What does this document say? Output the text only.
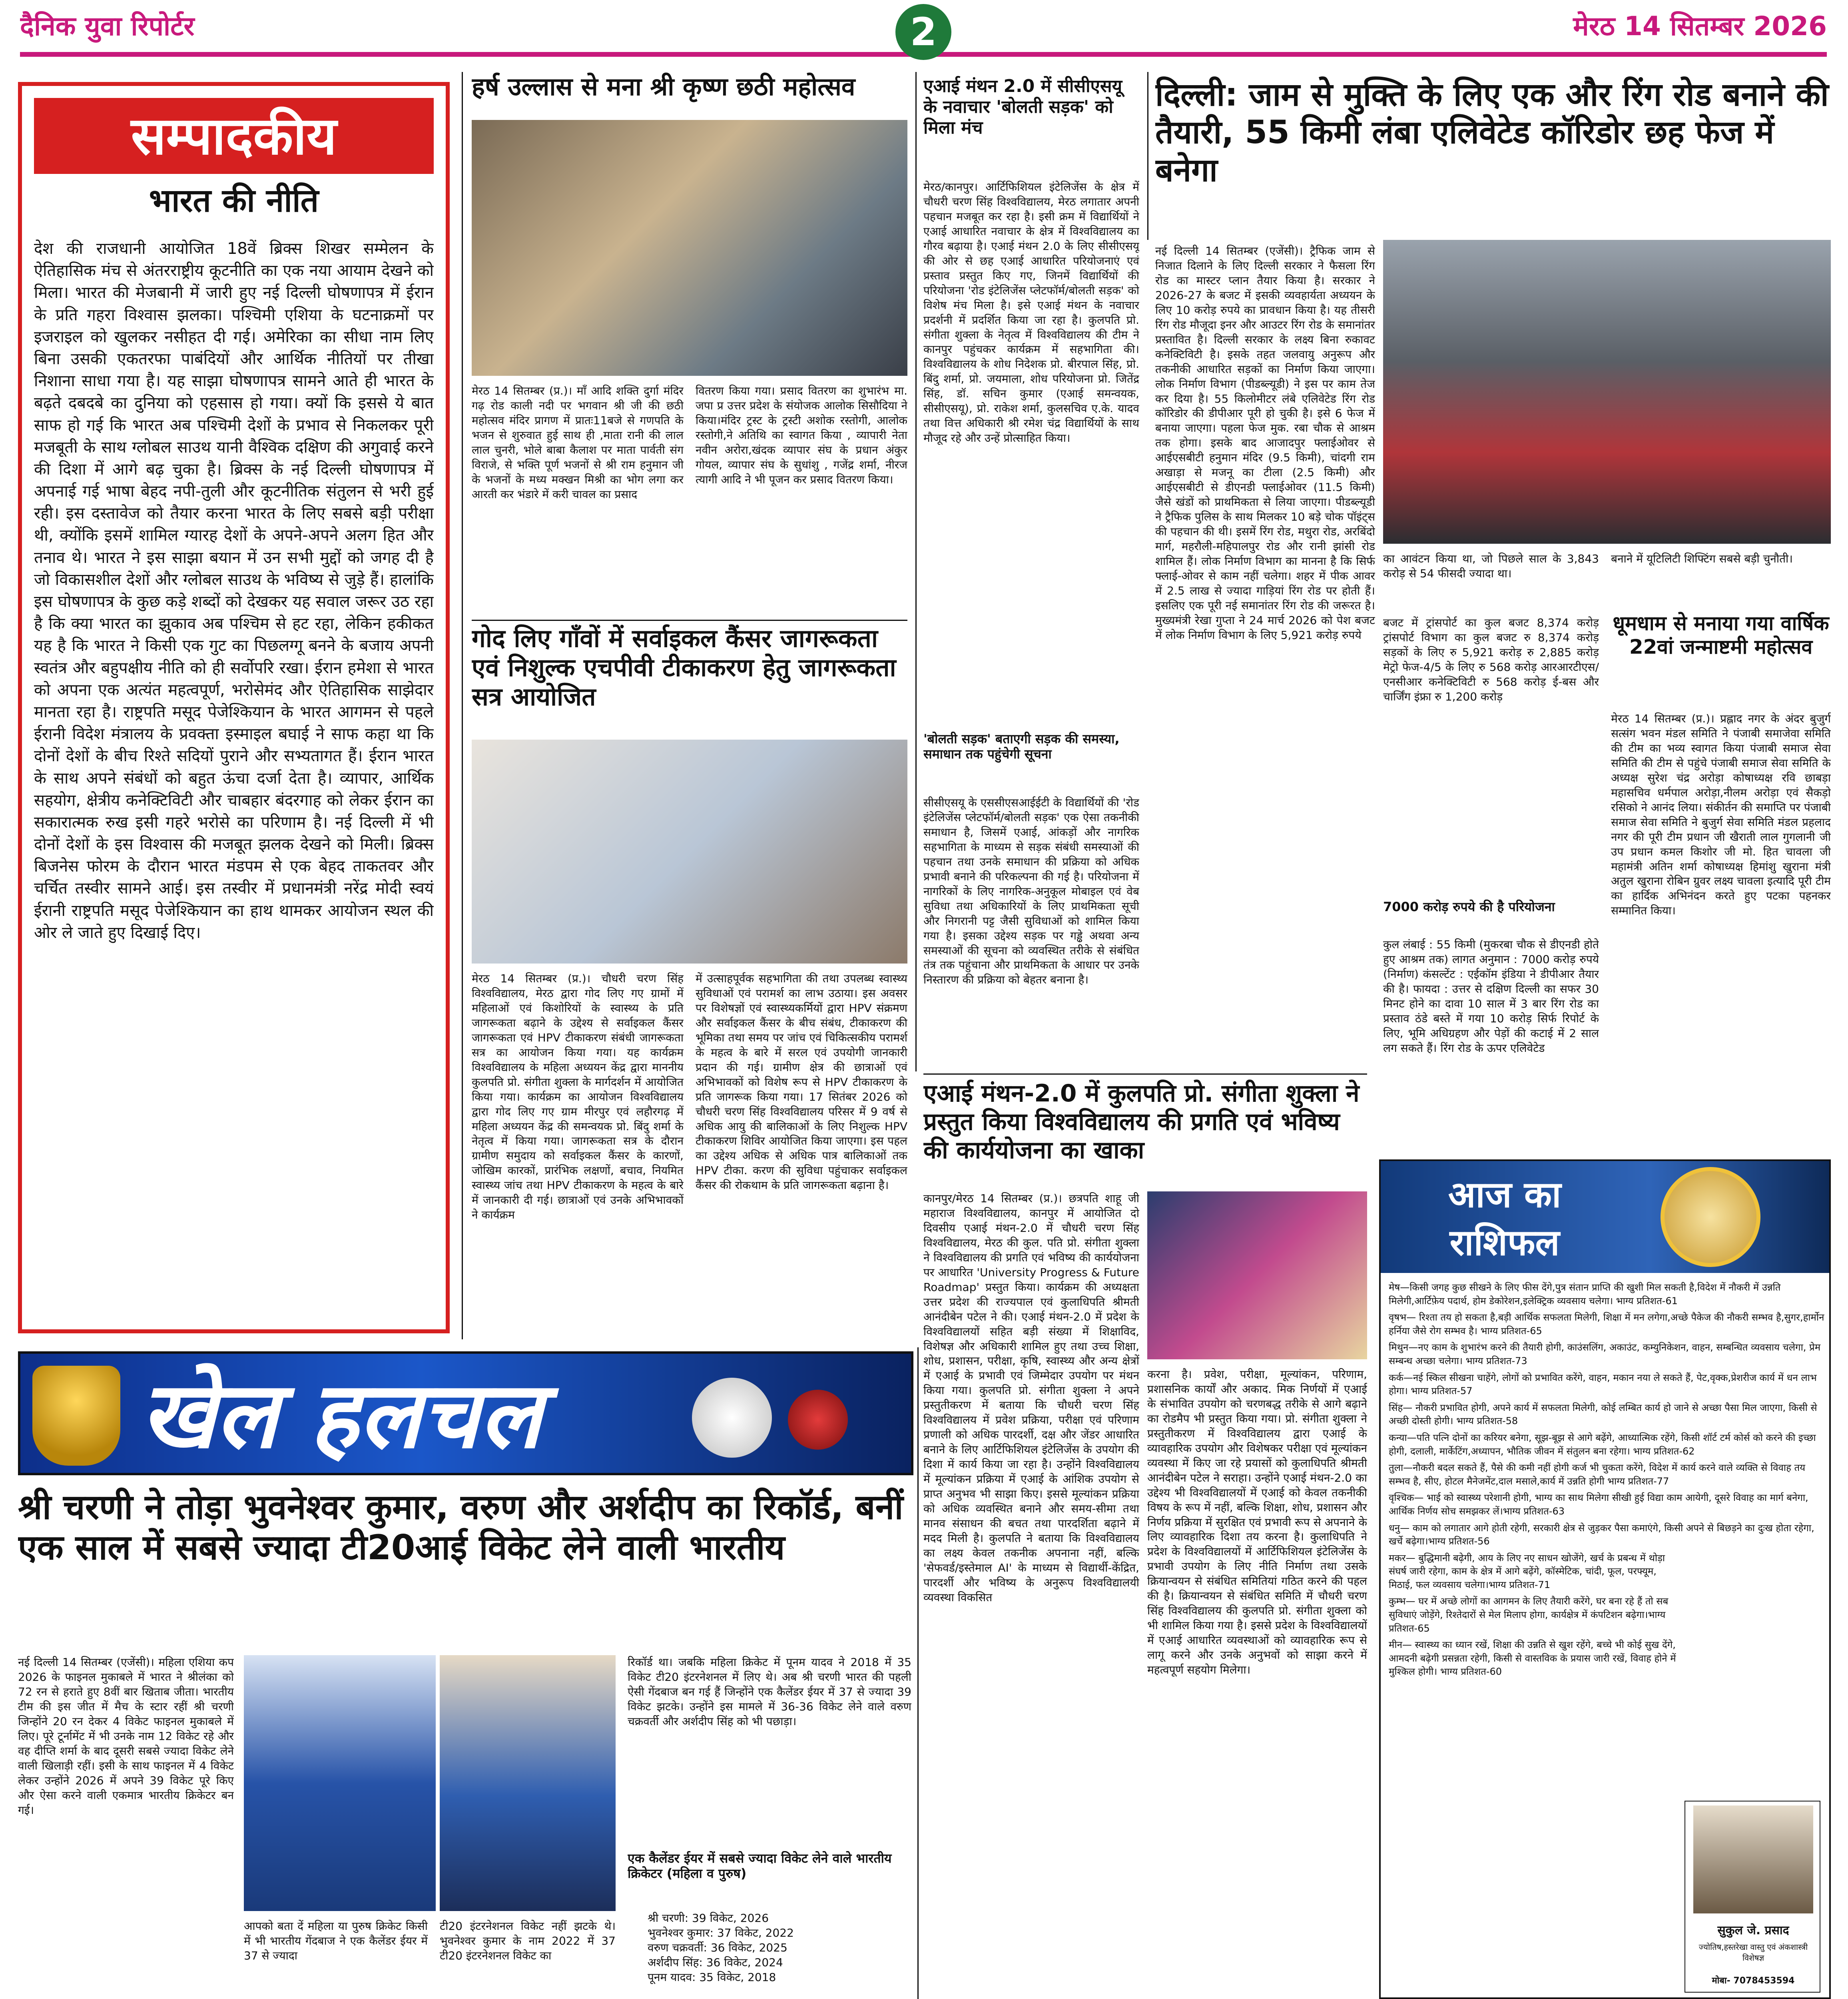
दैनिक युवा रिपोर्टर	2	मेरठ 14 सितम्बर 2026
सम्पादकीय
भारत की नीति
देश की राजधानी आयोजित 18वें ब्रिक्स शिखर सम्मेलन के ऐतिहासिक मंच से अंतरराष्ट्रीय कूटनीति का एक नया आयाम देखने को मिला। भारत की मेजबानी में जारी हुए नई दिल्ली घोषणापत्र में ईरान के प्रति गहरा विश्वास झलका। पश्चिमी एशिया के घटनाक्रमों पर इजराइल को खुलकर नसीहत दी गई। अमेरिका का सीधा नाम लिए बिना उसकी एकतरफा पाबंदियों और आर्थिक नीतियों पर तीखा निशाना साधा गया है। यह साझा घोषणापत्र सामने आते ही भारत के बढ़ते दबदबे का दुनिया को एहसास हो गया। क्यों कि इससे ये बात साफ हो गई कि भारत अब पश्चिमी देशों के प्रभाव से निकलकर पूरी मजबूती के साथ ग्लोबल साउथ यानी वैश्विक दक्षिण की अगुवाई करने की दिशा में आगे बढ़ चुका है। ब्रिक्स के नई दिल्ली घोषणापत्र में अपनाई गई भाषा बेहद नपी-तुली और कूटनीतिक संतुलन से भरी हुई रही। इस दस्तावेज को तैयार करना भारत के लिए सबसे बड़ी परीक्षा थी, क्योंकि इसमें शामिल ग्यारह देशों के अपने-अपने अलग हित और तनाव थे। भारत ने इस साझा बयान में उन सभी मुद्दों को जगह दी है जो विकासशील देशों और ग्लोबल साउथ के भविष्य से जुड़े हैं। हालांकि इस घोषणापत्र के कुछ कड़े शब्दों को देखकर यह सवाल जरूर उठ रहा है कि क्या भारत का झुकाव अब पश्चिम से हट रहा, लेकिन हकीकत यह है कि भारत ने किसी एक गुट का पिछलग्गू बनने के बजाय अपनी स्वतंत्र और बहुपक्षीय नीति को ही सर्वोपरि रखा। ईरान हमेशा से भारत को अपना एक अत्यंत महत्वपूर्ण, भरोसेमंद और ऐतिहासिक साझेदार मानता रहा है। राष्ट्रपति मसूद पेजेश्कियान के भारत आगमन से पहले ईरानी विदेश मंत्रालय के प्रवक्ता इस्माइल बघाई ने साफ कहा था कि दोनों देशों के बीच रिश्ते सदियों पुराने और सभ्यतागत हैं। ईरान भारत के साथ अपने संबंधों को बहुत ऊंचा दर्जा देता है। व्यापार, आर्थिक सहयोग, क्षेत्रीय कनेक्टिविटी और चाबहार बंदरगाह को लेकर ईरान का सकारात्मक रुख इसी गहरे भरोसे का परिणाम है। नई दिल्ली में भी दोनों देशों के इस विश्वास की मजबूत झलक देखने को मिली। ब्रिक्स बिजनेस फोरम के दौरान भारत मंडपम से एक बेहद ताकतवर और चर्चित तस्वीर सामने आई। इस तस्वीर में प्रधानमंत्री नरेंद्र मोदी स्वयं ईरानी राष्ट्रपति मसूद पेजेश्कियान का हाथ थामकर आयोजन स्थल की ओर ले जाते हुए दिखाई दिए।
हर्ष उल्लास से मना श्री कृष्ण छठी महोत्सव
मेरठ 14 सितम्बर (प्र.)। माँ आदि शक्ति दुर्गा मंदिर गढ़ रोड काली नदी पर भगवान श्री जी की छठी महोत्सव मंदिर प्रागण में प्रातः11बजे से गणपति के भजन से शुरुवात हुई साथ ही ,माता रानी की लाल लाल चुनरी, भोले बाबा कैलाश पर माता पार्वती संग विराजे, से भक्ति पूर्ण भजनों से श्री राम हनुमान जी के भजनों के मध्य मक्खन मिश्री का भोग लगा कर आरती कर भंडारे में करी चावल का प्रसाद
वितरण किया गया। प्रसाद वितरण का शुभारंभ मा. जपा प्र उत्तर प्रदेश के संयोजक आलोक सिसौदिया ने किया।मंदिर ट्रस्ट के ट्रस्टी अशोक रस्तोगी, आलोक रस्तोगी,ने अतिथि का स्वागत किया , व्यापारी नेता नवीन अरोरा,खंदक व्यापार संघ के प्रधान अंकुर गोयल, व्यापार संघ के सुधांशु , गजेंद्र शर्मा, नीरज त्यागी आदि ने भी पूजन कर प्रसाद वितरण किया।
गोद लिए गाँवों में सर्वाइकल कैंसर जागरूकता एवं निशुल्क एचपीवी टीकाकरण हेतु जागरूकता सत्र आयोजित
मेरठ 14 सितम्बर (प्र.)। चौधरी चरण सिंह विश्वविद्यालय, मेरठ द्वारा गोद लिए गए ग्रामों में महिलाओं एवं किशोरियों के स्वास्थ्य के प्रति जागरूकता बढ़ाने के उद्देश्य से सर्वाइकल कैंसर जागरूकता एवं HPV टीकाकरण संबंधी जागरूकता सत्र का आयोजन किया गया। यह कार्यक्रम विश्वविद्यालय के महिला अध्ययन केंद्र द्वारा माननीय कुलपति प्रो. संगीता शुक्ला के मार्गदर्शन में आयोजित किया गया। कार्यक्रम का आयोजन विश्वविद्यालय द्वारा गोद लिए गए ग्राम मीरपुर एवं लहौरगढ़ में महिला अध्ययन केंद्र की समन्वयक प्रो. बिंदु शर्मा के नेतृत्व में किया गया। जागरूकता सत्र के दौरान ग्रामीण समुदाय को सर्वाइकल कैंसर के कारणों, जोखिम कारकों, प्रारंभिक लक्षणों, बचाव, नियमित स्वास्थ्य जांच तथा HPV टीकाकरण के महत्व के बारे में जानकारी दी गई। छात्राओं एवं उनके अभिभावकों ने कार्यक्रम
में उत्साहपूर्वक सहभागिता की तथा उपलब्ध स्वास्थ्य सुविधाओं एवं परामर्श का लाभ उठाया। इस अवसर पर विशेषज्ञों एवं स्वास्थ्यकर्मियों द्वारा HPV संक्रमण और सर्वाइकल कैंसर के बीच संबंध, टीकाकरण की भूमिका तथा समय पर जांच एवं चिकित्सकीय परामर्श के महत्व के बारे में सरल एवं उपयोगी जानकारी प्रदान की गई। ग्रामीण क्षेत्र की छात्राओं एवं अभिभावकों को विशेष रूप से HPV टीकाकरण के प्रति जागरूक किया गया। 17 सितंबर 2026 को चौधरी चरण सिंह विश्वविद्यालय परिसर में 9 वर्ष से अधिक आयु की बालिकाओं के लिए निशुल्क HPV टीकाकरण शिविर आयोजित किया जाएगा। इस पहल का उद्देश्य अधिक से अधिक पात्र बालिकाओं तक HPV टीका. करण की सुविधा पहुंचाकर सर्वाइकल कैंसर की रोकथाम के प्रति जागरूकता बढ़ाना है।
एआई मंथन 2.0 में सीसीएसयू के नवाचार 'बोलती सड़क' को मिला मंच
मेरठ/कानपुर। आर्टिफिशियल इंटेलिजेंस के क्षेत्र में चौधरी चरण सिंह विश्वविद्यालय, मेरठ लगातार अपनी पहचान मजबूत कर रहा है। इसी क्रम में विद्यार्थियों ने एआई आधारित नवाचार के क्षेत्र में विश्वविद्यालय का गौरव बढ़ाया है। एआई मंथन 2.0 के लिए सीसीएसयू की ओर से छह एआई आधारित परियोजनाएं एवं प्रस्ताव प्रस्तुत किए गए, जिनमें विद्यार्थियों की परियोजना 'रोड इंटेलिजेंस प्लेटफॉर्म/बोलती सड़क' को विशेष मंच मिला है। इसे एआई मंथन के नवाचार प्रदर्शनी में प्रदर्शित किया जा रहा है। कुलपति प्रो. संगीता शुक्ला के नेतृत्व में विश्वविद्यालय की टीम ने कानपुर पहुंचकर कार्यक्रम में सहभागिता की। विश्वविद्यालय के शोध निदेशक प्रो. बीरपाल सिंह, प्रो. बिंदु शर्मा, प्रो. जयमाला, शोध परियोजना प्रो. जितेंद्र सिंह, डॉ. सचिन कुमार (एआई समन्वयक, सीसीएसयू), प्रो. राकेश शर्मा, कुलसचिव ए.के. यादव तथा वित्त अधिकारी श्री रमेश चंद्र विद्यार्थियों के साथ मौजूद रहे और उन्हें प्रोत्साहित किया।
'बोलती सड़क' बताएगी सड़क की समस्या, समाधान तक पहुंचेगी सूचना
सीसीएसयू के एससीएसआईईटी के विद्यार्थियों की 'रोड इंटेलिजेंस प्लेटफॉर्म/बोलती सड़क' एक ऐसा तकनीकी समाधान है, जिसमें एआई, आंकड़ों और नागरिक सहभागिता के माध्यम से सड़क संबंधी समस्याओं की पहचान तथा उनके समाधान की प्रक्रिया को अधिक प्रभावी बनाने की परिकल्पना की गई है। परियोजना में नागरिकों के लिए नागरिक-अनुकूल मोबाइल एवं वेब सुविधा तथा अधिकारियों के लिए प्राथमिकता सूची और निगरानी पट्ट जैसी सुविधाओं को शामिल किया गया है। इसका उद्देश्य सड़क पर गड्ढे अथवा अन्य समस्याओं की सूचना को व्यवस्थित तरीके से संबंधित तंत्र तक पहुंचाना और प्राथमिकता के आधार पर उनके निस्तारण की प्रक्रिया को बेहतर बनाना है।
दिल्ली: जाम से मुक्ति के लिए एक और रिंग रोड बनाने की तैयारी, 55 किमी लंबा एलिवेटेड कॉरिडोर छह फेज में बनेगा
नई दिल्ली 14 सितम्बर (एजेंसी)। ट्रैफिक जाम से निजात दिलाने के लिए दिल्ली सरकार ने फैसला रिंग रोड का मास्टर प्लान तैयार किया है। सरकार ने 2026-27 के बजट में इसकी व्यवहार्यता अध्ययन के लिए 10 करोड़ रुपये का प्रावधान किया है। यह तीसरी रिंग रोड मौजूदा इनर और आउटर रिंग रोड के समानांतर प्रस्तावित है। दिल्ली सरकार के लक्ष्य बिना रुकावट कनेक्टिविटी है। इसके तहत जलवायु अनुरूप और तकनीकी आधारित सड़कों का निर्माण किया जाएगा। लोक निर्माण विभाग (पीडब्ल्यूडी) ने इस पर काम तेज कर दिया है। 55 किलोमीटर लंबे एलिवेटेड रिंग रोड कॉरिडोर की डीपीआर पूरी हो चुकी है। इसे 6 फेज में बनाया जाएगा। पहला फेज मुक. रबा चौक से आश्रम तक होगा। इसके बाद आजादपुर फ्लाईओवर से आईएसबीटी हनुमान मंदिर (9.5 किमी), चांदगी राम अखाड़ा से मजनू का टीला (2.5 किमी) और आईएसबीटी से डीएनडी फ्लाईओवर (11.5 किमी) जैसे खंडों को प्राथमिकता से लिया जाएगा। पीडब्ल्यूडी ने ट्रैफिक पुलिस के साथ मिलकर 10 बड़े चोक पॉइंट्स की पहचान की थी। इसमें रिंग रोड, मथुरा रोड, अरबिंदो मार्ग, महरौली-महिपालपुर रोड और रानी झांसी रोड शामिल हैं। लोक निर्माण विभाग का मानना है कि सिर्फ फ्लाई-ओवर से काम नहीं चलेगा। शहर में पीक आवर में 2.5 लाख से ज्यादा गाड़ियां रिंग रोड पर होती हैं। इसलिए एक पूरी नई समानांतर रिंग रोड की जरूरत है। मुख्यमंत्री रेखा गुप्ता ने 24 मार्च 2026 को पेश बजट में लोक निर्माण विभाग के लिए 5,921 करोड़ रुपये
का आवंटन किया था, जो पिछले साल के 3,843 करोड़ से 54 फीसदी ज्यादा था।
बनाने में यूटिलिटी शिफ्टिंग सबसे बड़ी चुनौती।
बजट में ट्रांसपोर्ट का कुल बजट 8,374 करोड़ ट्रांसपोर्ट विभाग का कुल बजट रु 8,374 करोड़ सड़कों के लिए रु 5,921 करोड़ रु 2,885 करोड़ मेट्रो फेज-4/5 के लिए रु 568 करोड़ आरआरटीएस/एनसीआर कनेक्टिविटी रु 568 करोड़ ई-बस और चार्जिंग इंफ्रा रु 1,200 करोड़
7000 करोड़ रुपये की है परियोजना
कुल लंबाई : 55 किमी (मुकरबा चौक से डीएनडी होते हुए आश्रम तक) लागत अनुमान : 7000 करोड़ रुपये (निर्माण) कंसल्टेंट : एईकॉम इंडिया ने डीपीआर तैयार की है। फायदा : उत्तर से दक्षिण दिल्ली का सफर 30 मिनट होने का दावा 10 साल में 3 बार रिंग रोड का प्रस्ताव ठंडे बस्ते में गया 10 करोड़ सिर्फ रिपोर्ट के लिए, भूमि अधिग्रहण और पेड़ों की कटाई में 2 साल लग सकते हैं। रिंग रोड के ऊपर एलिवेटेड
धूमधाम से मनाया गया वार्षिक 22वां जन्माष्टमी महोत्सव
मेरठ 14 सितम्बर (प्र.)। प्रह्लाद नगर के अंदर बुजुर्ग सत्संग भवन मंडल समिति ने पंजाबी समाजेवा समिति की टीम का भव्य स्वागत किया पंजाबी समाज सेवा समिति की टीम से पहुंचे पंजाबी समाज सेवा समिति के अध्यक्ष सुरेश चंद्र अरोड़ा कोषाध्यक्ष रवि छाबड़ा महासचिव धर्मपाल अरोड़ा,नीलम अरोड़ा एवं सैकड़ो रसिको ने आनंद लिया। संकीर्तन की समाप्ति पर पंजाबी समाज सेवा समिति ने बुजुर्ग सेवा समिति मंडल प्रहलाद नगर की पूरी टीम प्रधान जी खैराती लाल गुगलानी जी उप प्रधान कमल किशोर जी मो. हित चावला जी महामंत्री अतिन शर्मा कोषाध्यक्ष हिमांशु खुराना मंत्री अतुल खुराना रोबिन ग्रुवर लक्ष्य चावला इत्यादि पूरी टीम का हार्दिक अभिनंदन करते हुए पटका पहनकर सम्मानित किया।
एआई मंथन-2.0 में कुलपति प्रो. संगीता शुक्ला ने प्रस्तुत किया विश्वविद्यालय की प्रगति एवं भविष्य की कार्ययोजना का खाका
कानपुर/मेरठ 14 सितम्बर (प्र.)। छत्रपति शाहू जी महाराज विश्वविद्यालय, कानपुर में आयोजित दो दिवसीय एआई मंथन-2.0 में चौधरी चरण सिंह विश्वविद्यालय, मेरठ की कुल. पति प्रो. संगीता शुक्ला ने विश्वविद्यालय की प्रगति एवं भविष्य की कार्ययोजना पर आधारित 'University Progress & Future Roadmap' प्रस्तुत किया। कार्यक्रम की अध्यक्षता उत्तर प्रदेश की राज्यपाल एवं कुलाधिपति श्रीमती आनंदीबेन पटेल ने की। एआई मंथन-2.0 में प्रदेश के विश्वविद्यालयों सहित बड़ी संख्या में शिक्षाविद, विशेषज्ञ और अधिकारी शामिल हुए तथा उच्च शिक्षा, शोध, प्रशासन, परीक्षा, कृषि, स्वास्थ्य और अन्य क्षेत्रों में एआई के प्रभावी एवं जिम्मेदार उपयोग पर मंथन किया गया। कुलपति प्रो. संगीता शुक्ला ने अपने प्रस्तुतीकरण में बताया कि चौधरी चरण सिंह विश्वविद्यालय में प्रवेश प्रक्रिया, परीक्षा एवं परिणाम प्रणाली को अधिक पारदर्शी, दक्ष और जेंडर आधारित बनाने के लिए आर्टिफिशियल इंटेलिजेंस के उपयोग की दिशा में कार्य किया जा रहा है। उन्होंने विश्वविद्यालय में मूल्यांकन प्रक्रिया में एआई के आंशिक उपयोग से प्राप्त अनुभव भी साझा किए। इससे मूल्यांकन प्रक्रिया को अधिक व्यवस्थित बनाने और समय-सीमा तथा मानव संसाधन की बचत तथा पारदर्शिता बढ़ाने में मदद मिली है। कुलपति ने बताया कि विश्वविद्यालय का लक्ष्य केवल तकनीक अपनाना नहीं, बल्कि 'सेफवर्ड/इस्तेमाल AI' के माध्यम से विद्यार्थी-केंद्रित, पारदर्शी और भविष्य के अनुरूप विश्वविद्यालयी व्यवस्था विकसित
करना है। प्रवेश, परीक्षा, मूल्यांकन, परिणाम, प्रशासनिक कार्यों और अकाद. मिक निर्णयों में एआई के संभावित उपयोग को चरणबद्ध तरीके से आगे बढ़ाने का रोडमैप भी प्रस्तुत किया गया। प्रो. संगीता शुक्ला ने प्रस्तुतीकरण में विश्वविद्यालय द्वारा एआई के व्यावहारिक उपयोग और विशेषकर परीक्षा एवं मूल्यांकन व्यवस्था में किए जा रहे प्रयासों को कुलाधिपति श्रीमती आनंदीबेन पटेल ने सराहा। उन्होंने एआई मंथन-2.0 का उद्देश्य भी विश्वविद्यालयों में एआई को केवल तकनीकी विषय के रूप में नहीं, बल्कि शिक्षा, शोध, प्रशासन और निर्णय प्रक्रिया में सुरक्षित एवं प्रभावी रूप से अपनाने के लिए व्यावहारिक दिशा तय करना है। कुलाधिपति ने प्रदेश के विश्वविद्यालयों में आर्टिफिशियल इंटेलिजेंस के प्रभावी उपयोग के लिए नीति निर्माण तथा उसके क्रियान्वयन से संबंधित समितियां गठित करने की पहल की है। क्रियान्वयन से संबंधित समिति में चौधरी चरण सिंह विश्वविद्यालय की कुलपति प्रो. संगीता शुक्ला को भी शामिल किया गया है। इससे प्रदेश के विश्वविद्यालयों में एआई आधारित व्यवस्थाओं को व्यावहारिक रूप से लागू करने और उनके अनुभवों को साझा करने में महत्वपूर्ण सहयोग मिलेगा।
आज का
राशिफल
मेष—किसी जगह कुछ सीखने के लिए फीस देंगे,पुत्र संतान प्राप्ति की खुशी मिल सकती है,विदेश में नौकरी में उन्नति मिलेगी,आर्टिफ़ेय पदार्थ, होम डेकोरेशन,इलेक्ट्रिक व्यवसाय चलेगा। भाग्य प्रतिशत-61
वृषभ— रिश्ता तय हो सकता है,बड़ी आर्थिक सफलता मिलेगी, शिक्षा में मन लगेगा,अच्छे पैकेज की नौकरी सम्भव है,सुगर,हार्मोन हर्निया जैसे रोग सम्भव है। भाग्य प्रतिशत-65
मिथुन—नए काम के शुभारंभ करने की तैयारी होगी, काउंसलिंग, अकाउंट, कम्युनिकेशन, वाहन, सम्बन्धित व्यवसाय चलेगा, प्रेम सम्बन्ध अच्छा चलेगा। भाग्य प्रतिशत-73
कर्क—नई स्किल सीखना चाहेंगे, लोगों को प्रभावित करेंगे, वाहन, मकान नया ले सकते हैं, पेट,वृक्क,प्रेशरीज कार्य में धन लाभ होगा। भाग्य प्रतिशत-57
सिंह— नौकरी प्रभावित होगी, अपने कार्य में सफलता मिलेगी, कोई लम्बित कार्य हो जाने से अच्छा पैसा मिल जाएगा, किसी से अच्छी दोस्ती होगी। भाग्य प्रतिशत-58
कन्या—पति पत्नि दोनों का करियर बनेगा, सूझ-बूझ से आगे बढ़ेंगे, आध्यात्मिक रहेंगे, किसी शॉर्ट टर्म कोर्स को करने की इच्छा होगी, दलाली, मार्केटिंग,अध्यापन, भौतिक जीवन में संतुलन बना रहेगा। भाग्य प्रतिशत-62
तुला—नौकरी बदल सकते हैं, पैसे की कमी नहीं होगी कर्ज भी चुकता करेंगे, विदेश में कार्य करने वाले व्यक्ति से विवाह तय सम्भव है, सीए, होटल मैनेजमेंट,दाल मसाले,कार्य में उन्नति होगी भाग्य प्रतिशत-77
वृश्चिक— भाई को स्वास्थ्य परेशानी होगी, भाग्य का साथ मिलेगा सीखी हुई विद्या काम आयेगी, दूसरे विवाह का मार्ग बनेगा, आर्थिक निर्णय सोच समझकर लें।भाग्य प्रतिशत-63
धनु— काम को लगातार आगे होती रहेगी, सरकारी क्षेत्र से जुड़कर पैसा कमाएंगे, किसी अपने से बिछड़ने का दुःख होता रहेगा, खर्चे बढ़ेगा।भाग्य प्रतिशत-56
मकर— बुद्धिमानी बढ़ेगी, आय के लिए नए साधन खोजेंगे, खर्च के प्रबन्ध में थोड़ा संघर्ष जारी रहेगा, काम के क्षेत्र में आगे बढ़ेंगे, कॉस्मेटिक, चांदी, फूल, परफ्यूम, मिठाई, फल व्यवसाय चलेगा।भाग्य प्रतिशत-71
कुम्भ— घर में अच्छे लोगों का आगमन के लिए तैयारी करेंगे, घर बना रहे हैं तो सब सुविधाएं जोड़ेंगे, रिश्तेदारों से मेल मिलाप होगा, कार्यक्षेत्र में कंपटिशन बढ़ेगा।भाग्य प्रतिशत-65
मीन— स्वास्थ्य का ध्यान रखें, शिक्षा की उन्नति से खुश रहेंगे, बच्चे भी कोई सुख देंगे, आमदनी बढ़ेगी प्रसन्नता रहेगी, किसी से वास्तविक के प्रयास जारी रखें, विवाह होने में मुश्किल होगी। भाग्य प्रतिशत-60
सुकुल जे. प्रसाद
ज्योतिष,हस्तरेखा वास्तु एवं अंकशास्त्री विशेषज्ञ
मोबा- 7078453594
खेल हलचल
श्री चरणी ने तोड़ा भुवनेश्वर कुमार, वरुण और अर्शदीप का रिकॉर्ड, बनीं एक साल में सबसे ज्यादा टी20आई विकेट लेने वाली भारतीय
नई दिल्ली 14 सितम्बर (एजेंसी)। महिला एशिया कप 2026 के फाइनल मुकाबले में भारत ने श्रीलंका को 72 रन से हराते हुए 8वीं बार खिताब जीता। भारतीय टीम की इस जीत में मैच के स्टार रहीं श्री चरणी जिन्होंने 20 रन देकर 4 विकेट फाइनल मुकाबले में लिए। पूरे टूर्नामेंट में भी उनके नाम 12 विकेट रहे और वह दीप्ति शर्मा के बाद दूसरी सबसे ज्यादा विकेट लेने वाली खिलाड़ी रहीं। इसी के साथ फाइनल में 4 विकेट लेकर उन्होंने 2026 में अपने 39 विकेट पूरे किए और ऐसा करने वाली एकमात्र भारतीय क्रिकेटर बन गई।
आपको बता दें महिला या पुरुष क्रिकेट किसी में भी भारतीय गेंदबाज ने एक कैलेंडर ईयर में 37 से ज्यादा
टी20 इंटरनेशनल विकेट नहीं झटके थे। भुवनेश्वर कुमार के नाम 2022 में 37 टी20 इंटरनेशनल विकेट का
रिकॉर्ड था। जबकि महिला क्रिकेट में पूनम यादव ने 2018 में 35 विकेट टी20 इंटरनेशनल में लिए थे। अब श्री चरणी भारत की पहली ऐसी गेंदबाज बन गई हैं जिन्होंने एक कैलेंडर ईयर में 37 से ज्यादा 39 विकेट झटके। उन्होंने इस मामले में 36-36 विकेट लेने वाले वरुण चक्रवर्ती और अर्शदीप सिंह को भी पछाड़ा।
एक कैलेंडर ईयर में सबसे ज्यादा विकेट लेने वाले भारतीय क्रिकेटर (महिला व पुरुष)
श्री चरणी: 39 विकेट, 2026
भुवनेश्वर कुमार: 37 विकेट, 2022
वरुण चक्रवर्ती: 36 विकेट, 2025
अर्शदीप सिंह: 36 विकेट, 2024
पूनम यादव: 35 विकेट, 2018
